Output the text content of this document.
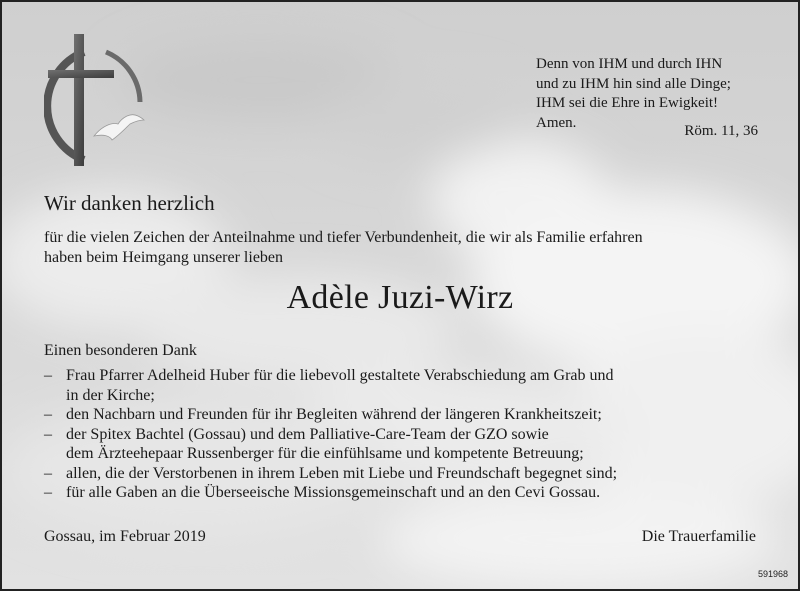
Denn von IHM und durch IHN
und zu IHM hin sind alle Dinge;
IHM sei die Ehre in Ewigkeit!
Amen.
Röm. 11, 36
Wir danken herzlich
für die vielen Zeichen der Anteilnahme und tiefer Verbundenheit, die wir als Familie erfahren
haben beim Heimgang unserer lieben
Adèle Juzi-Wirz
Einen besonderen Dank
– Frau Pfarrer Adelheid Huber für die liebevoll gestaltete Verabschiedung am Grab und
in der Kirche;
– den Nachbarn und Freunden für ihr Begleiten während der längeren Krankheitszeit;
– der Spitex Bachtel (Gossau) und dem Palliative-Care-Team der GZO sowie
dem Ärzteehepaar Russenberger für die einfühlsame und kompetente Betreuung;
– allen, die der Verstorbenen in ihrem Leben mit Liebe und Freundschaft begegnet sind;
– für alle Gaben an die Überseeische Missionsgemeinschaft und an den Cevi Gossau.
Gossau, im Februar 2019	Die Trauerfamilie
591968
